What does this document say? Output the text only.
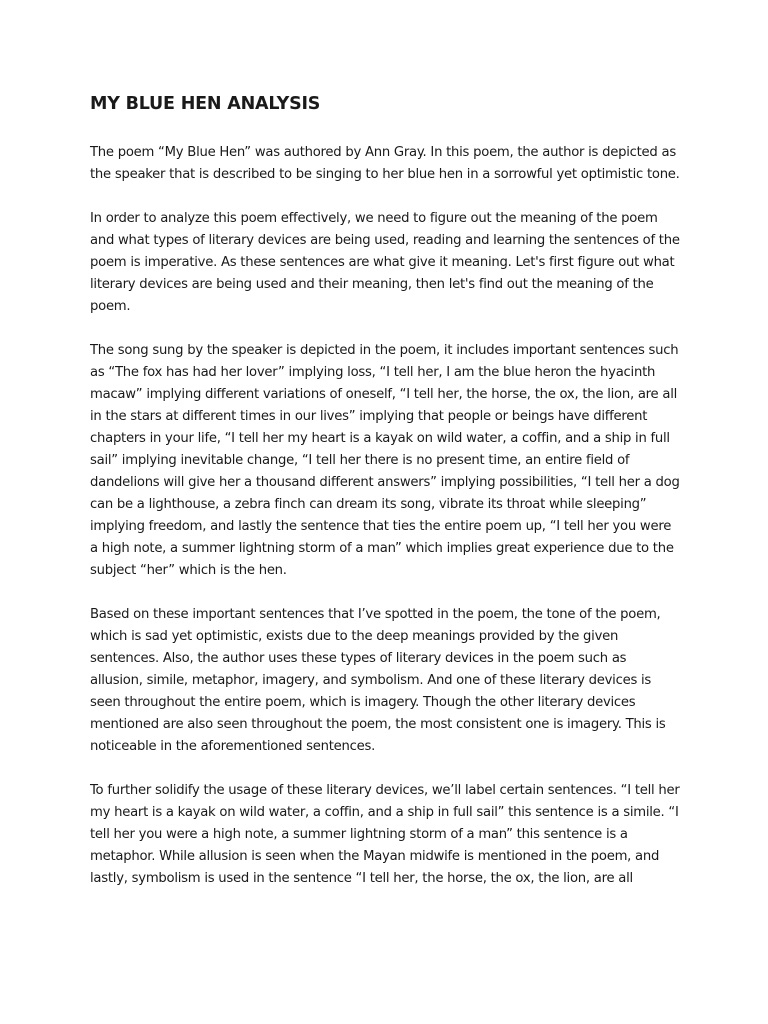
MY BLUE HEN ANALYSIS

The poem “My Blue Hen” was authored by Ann Gray. In this poem, the author is depicted as the speaker that is described to be singing to her blue hen in a sorrowful yet optimistic tone.

In order to analyze this poem effectively, we need to figure out the meaning of the poem and what types of literary devices are being used, reading and learning the sentences of the poem is imperative. As these sentences are what give it meaning. Let's first figure out what literary devices are being used and their meaning, then let's find out the meaning of the poem.

The song sung by the speaker is depicted in the poem, it includes important sentences such as “The fox has had her lover” implying loss, “I tell her, I am the blue heron the hyacinth macaw” implying different variations of oneself, “I tell her, the horse, the ox, the lion, are all in the stars at different times in our lives” implying that people or beings have different chapters in your life, “I tell her my heart is a kayak on wild water, a coffin, and a ship in full sail” implying inevitable change, “I tell her there is no present time, an entire field of dandelions will give her a thousand different answers” implying possibilities, “I tell her a dog can be a lighthouse, a zebra finch can dream its song, vibrate its throat while sleeping” implying freedom, and lastly the sentence that ties the entire poem up, “I tell her you were a high note, a summer lightning storm of a man” which implies great experience due to the subject “her” which is the hen.

Based on these important sentences that I’ve spotted in the poem, the tone of the poem, which is sad yet optimistic, exists due to the deep meanings provided by the given sentences. Also, the author uses these types of literary devices in the poem such as allusion, simile, metaphor, imagery, and symbolism. And one of these literary devices is seen throughout the entire poem, which is imagery. Though the other literary devices mentioned are also seen throughout the poem, the most consistent one is imagery. This is noticeable in the aforementioned sentences.

To further solidify the usage of these literary devices, we’ll label certain sentences. “I tell her my heart is a kayak on wild water, a coffin, and a ship in full sail” this sentence is a simile. “I tell her you were a high note, a summer lightning storm of a man” this sentence is a metaphor. While allusion is seen when the Mayan midwife is mentioned in the poem, and lastly, symbolism is used in the sentence “I tell her, the horse, the ox, the lion, are all
